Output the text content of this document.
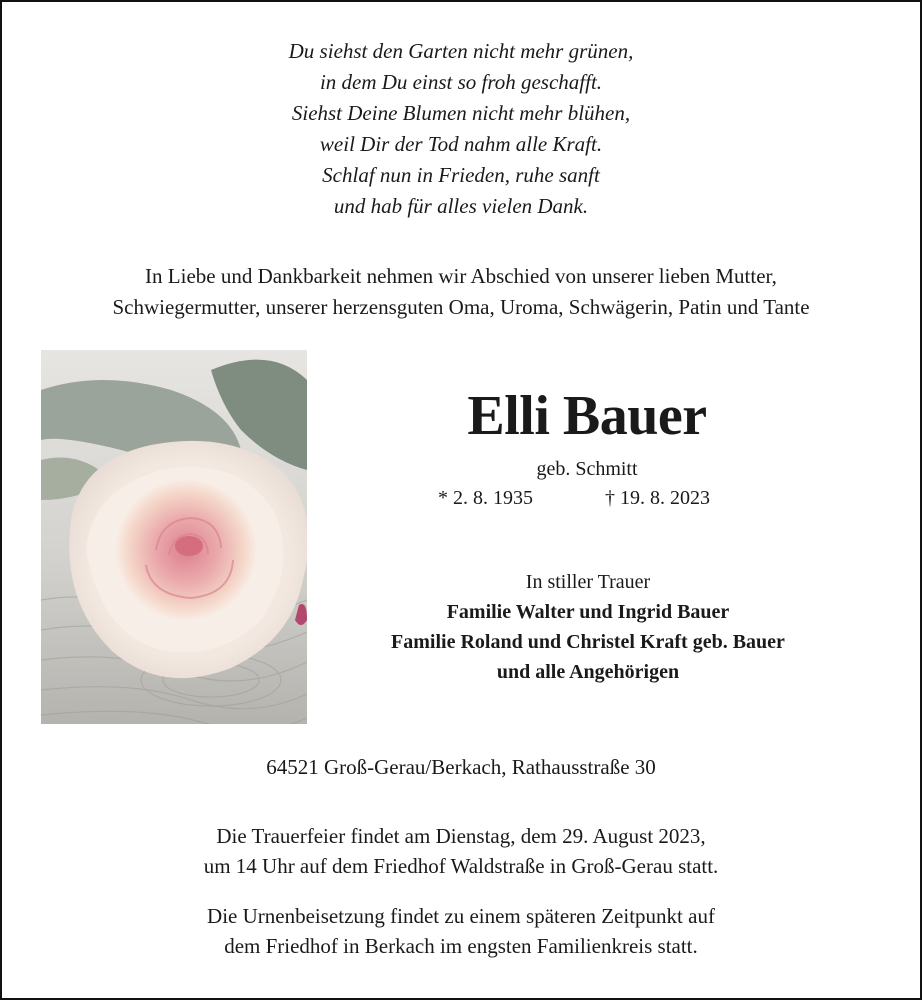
Du siehst den Garten nicht mehr grünen,
in dem Du einst so froh geschafft.
Siehst Deine Blumen nicht mehr blühen,
weil Dir der Tod nahm alle Kraft.
Schlaf nun in Frieden, ruhe sanft
und hab für alles vielen Dank.
In Liebe und Dankbarkeit nehmen wir Abschied von unserer lieben Mutter,
Schwiegermutter, unserer herzensguten Oma, Uroma, Schwägerin, Patin und Tante
Elli Bauer
geb. Schmitt
* 2. 8. 1935	† 19. 8. 2023
In stiller Trauer
Familie Walter und Ingrid Bauer
Familie Roland und Christel Kraft geb. Bauer
und alle Angehörigen
64521 Groß-Gerau/Berkach, Rathausstraße 30
Die Trauerfeier findet am Dienstag, dem 29. August 2023,
um 14 Uhr auf dem Friedhof Waldstraße in Groß-Gerau statt.
Die Urnenbeisetzung findet zu einem späteren Zeitpunkt auf
dem Friedhof in Berkach im engsten Familienkreis statt.
